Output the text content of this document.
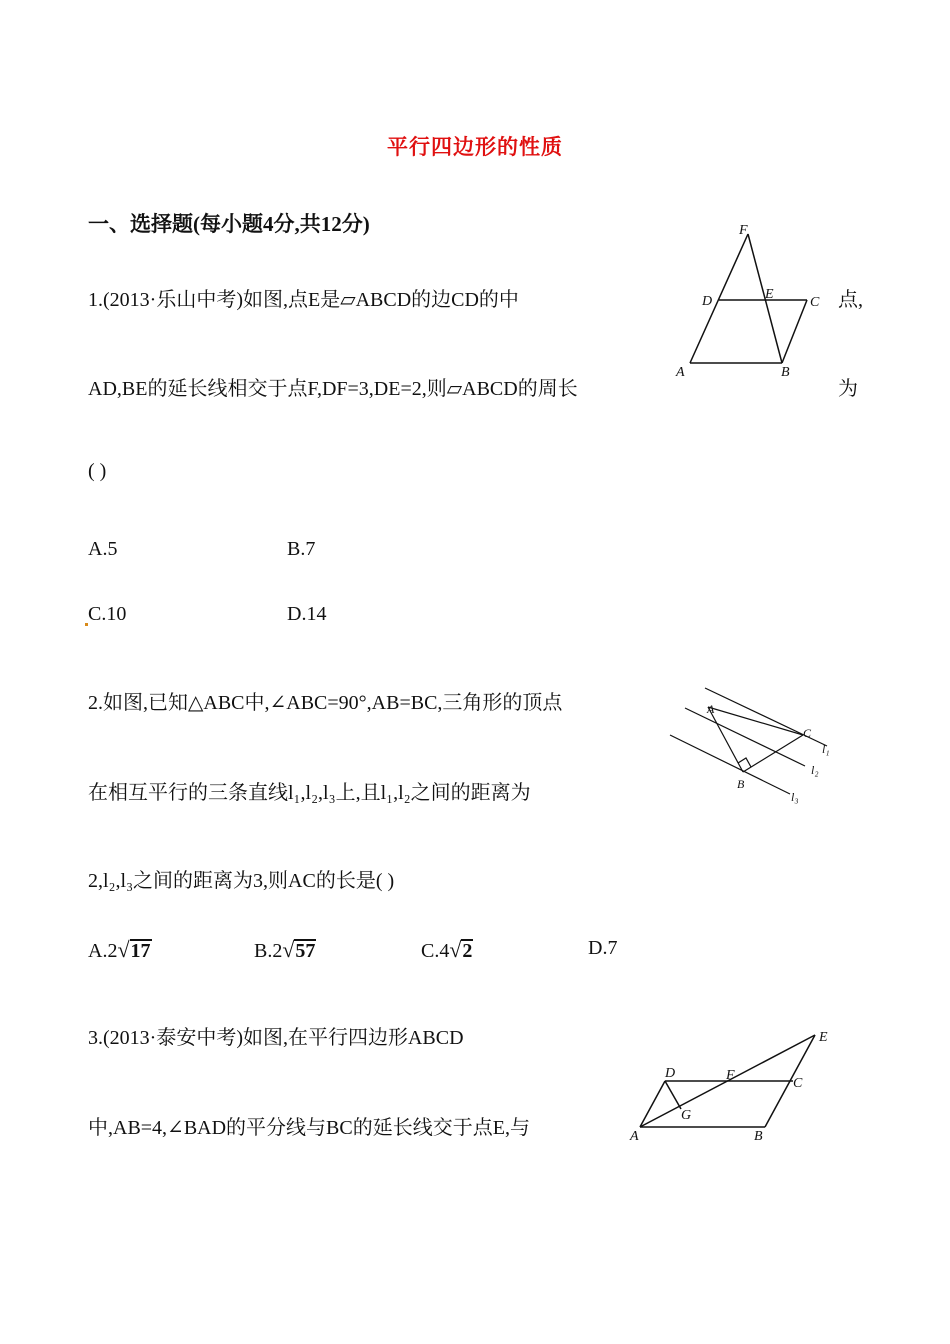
平行四边形的性质
一、选择题(每小题4分,共12分)
1.(2013·乐山中考)如图,点E是▱ABCD的边CD的中	点,
AD,BE的延长线相交于点F,DF=3,DE=2,则▱ABCD的周长	为
( )
A.5	B.7
C.10	D.14
F
D	E
C
A	B
2.如图,已知△ABC中,∠ABC=90°,AB=BC,三角形的顶点
在相互平行的三条直线l₁,l₂,l₃上,且l₁,l₂之间的距离为
2,l₂,l₃之间的距离为3,则AC的长是( )
A.2√17	B.2√57	C.4√2	D.7
A
C
B
l₁
l₂
l₃
3.(2013·泰安中考)如图,在平行四边形ABCD
中,AB=4,∠BAD的平分线与BC的延长线交于点E,与
E
D	F
C
G
A	B
